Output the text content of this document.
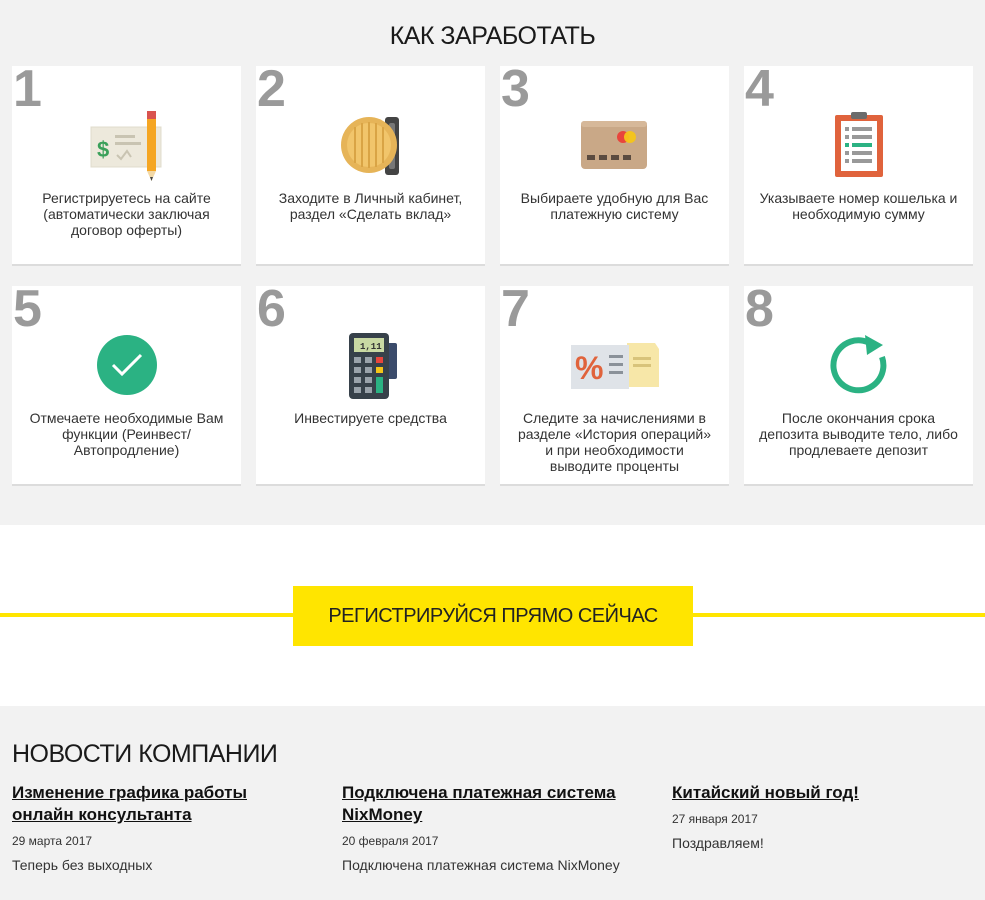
КАК ЗАРАБОТАТЬ
1
$
Регистрируетесь на сайте (автоматически заключая договор оферты)
2
Заходите в Личный кабинет, раздел «Сделать вклад»
3
Выбираете удобную для Вас платежную систему
4
Указываете номер кошелька и необходимую сумму
5
Отмечаете необходимые Вам функции (Реинвест/ Автопродление)
6
1,11
Инвестируете средства
7
%
Следите за начислениями в разделе «История операций» и при необходимости выводите проценты
8
После окончания срока депозита выводите тело, либо продлеваете депозит
РЕГИСТРИРУЙСЯ ПРЯМО СЕЙЧАС
НОВОСТИ КОМПАНИИ
Изменение графика работы онлайн консультанта
29 марта 2017
Теперь без выходных
Подключена платежная система NixMoney
20 февраля 2017
Подключена платежная система NixMoney
Китайский новый год!
27 января 2017
Поздравляем!
